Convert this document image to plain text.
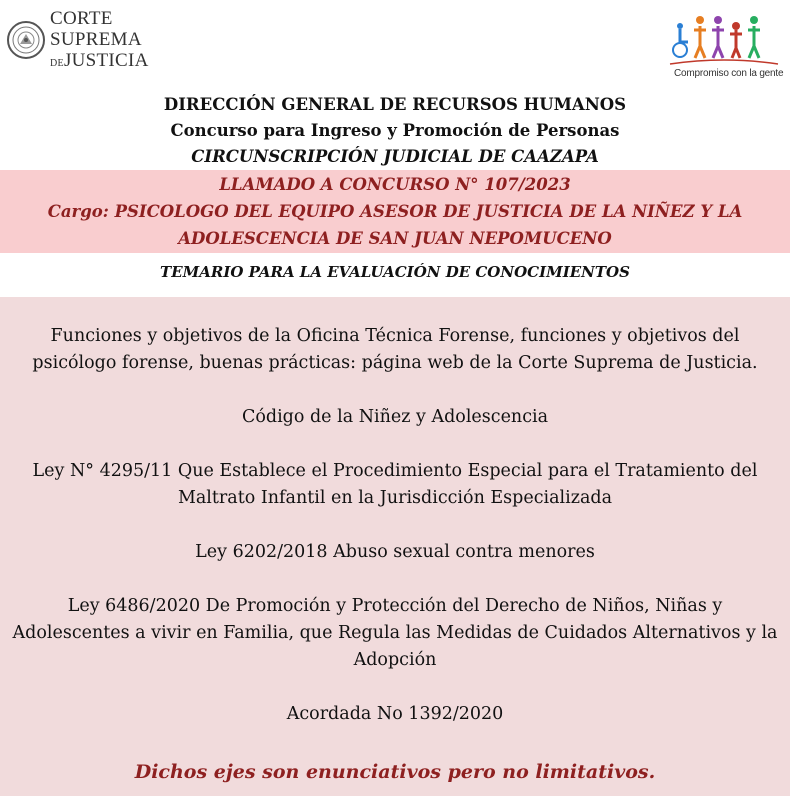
CORTE
SUPREMA
DEJUSTICIA
Compromiso con la gente
DIRECCIÓN GENERAL DE RECURSOS HUMANOS
Concurso para Ingreso y Promoción de Personas
CIRCUNSCRIPCIÓN JUDICIAL DE CAAZAPA
LLAMADO A CONCURSO N° 107/2023
Cargo: PSICOLOGO DEL EQUIPO ASESOR DE JUSTICIA DE LA NIÑEZ Y LA
ADOLESCENCIA DE SAN JUAN NEPOMUCENO
TEMARIO PARA LA EVALUACIÓN DE CONOCIMIENTOS

Funciones y objetivos de la Oficina Técnica Forense, funciones y objetivos del

psicólogo forense, buenas prácticas: página web de la Corte Suprema de Justicia.

Código de la Niñez y Adolescencia

Ley N° 4295/11 Que Establece el Procedimiento Especial para el Tratamiento del

Maltrato Infantil en la Jurisdicción Especializada

Ley 6202/2018 Abuso sexual contra menores

Ley 6486/2020 De Promoción y Protección del Derecho de Niños, Niñas y

Adolescentes a vivir en Familia, que Regula las Medidas de Cuidados Alternativos y la

Adopción

Acordada No 1392/2020

Dichos ejes son enunciativos pero no limitativos.
